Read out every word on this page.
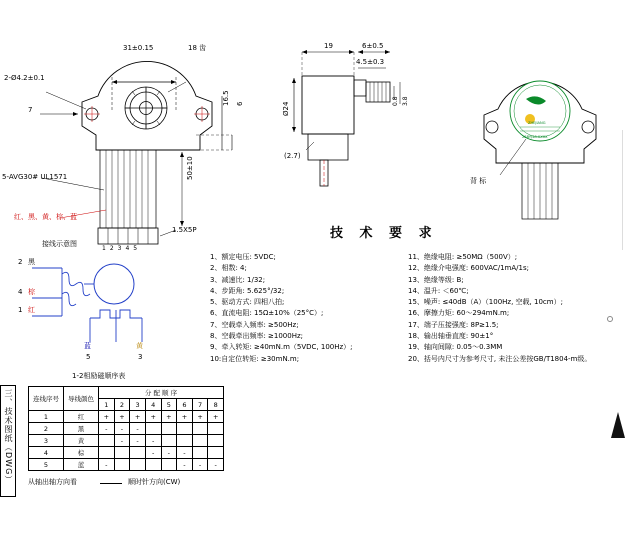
三、技术图纸（DWG）
31±0.15	18 齿
2-Ø4.2±0.1
7
16.5 6
50±10
5-AVG30# UL1571
红、黑、黄、棕、蓝
1.5X5P
12345
19	6±0.5
4.5±0.3
Ø24
(2.7)
0.8 3.8
ZHEJIANG
28BYJ48-XXXX
背 标
接线示意图
2 黑
4 棕
1 红
蓝	黄
5	3
技 术 要 求
1、额定电压: 5VDC;
2、相数: 4;
3、减速比: 1/32;
4、步距角: 5.625°/32;
5、驱动方式: 四相八拍;
6、直流电阻: 15Ω±10%（25°C）;
7、空载牵入频率: ≥500Hz;
8、空载牵出频率: ≥1000Hz;
9、牵入转矩: ≥40mN.m（5VDC, 100Hz）;
10:自定位转矩: ≥30mN.m;
11、绝缘电阻: ≥50MΩ（500V）;
12、绝缘介电强度: 600VAC/1mA/1s;
13、绝缘等级: B;
14、温升: ＜60℃;
15、噪声: ≤40dB（A）（100Hz, 空载, 10cm）;
16、摩擦力矩: 60～294mN.m;
17、端子压接强度: 8P≥1.5;
18、输出轴垂直度: 90±1°
19、轴向间隙: 0.05～0.3MM
20、括号内尺寸为参考尺寸, 未注公差按GB/T1804-m级。
1-2相励磁顺序表
连线序号	导线颜色	分 配 顺 序							
		1	2	3	4	5	6	7	8
1	红	+	+	+	+	+	+	+	+
2	黑	-	-	-					
3	黄		-	-	-				
4	棕				-	-	-		
5	蓝	-					-	-	-
从轴出轴方向看	顺时针方向(CW)
